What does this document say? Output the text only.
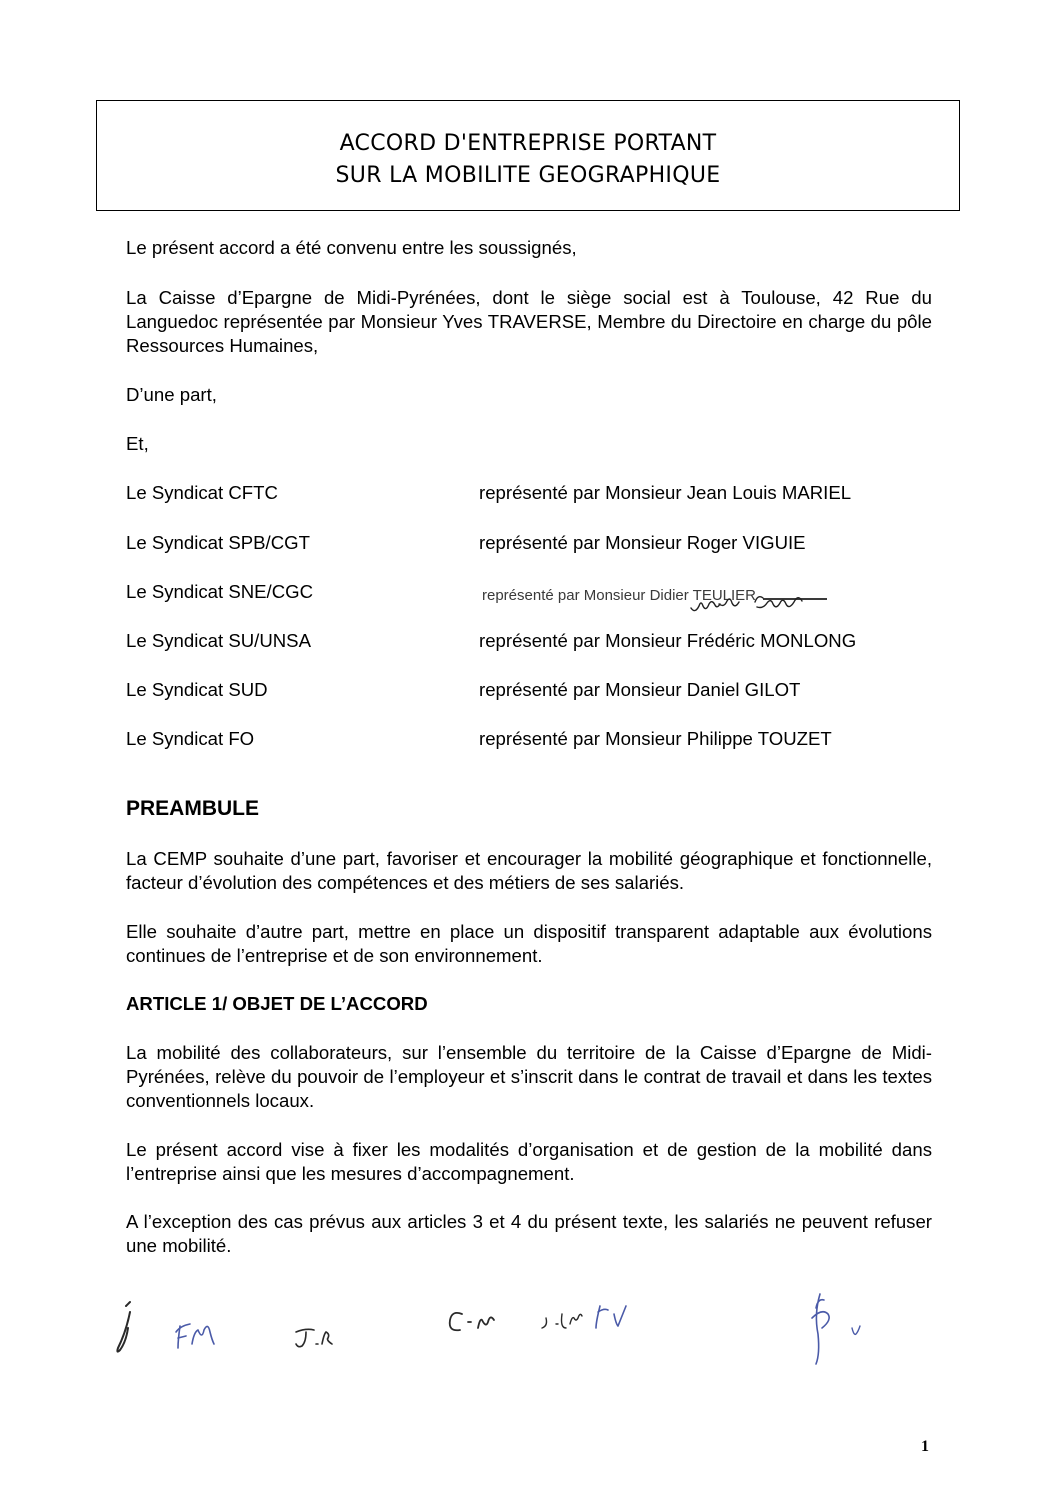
ACCORD D'ENTREPRISE PORTANT
SUR LA MOBILITE GEOGRAPHIQUE

Le présent accord a été convenu entre les soussignés,

La Caisse d’Epargne de Midi-Pyrénées, dont le siège social est à Toulouse, 42 Rue du Languedoc représentée par Monsieur Yves TRAVERSE, Membre du Directoire en charge du pôle Ressources Humaines,

D’une part,

Et,

Le Syndicat CFTC	représenté par Monsieur Jean Louis MARIEL
Le Syndicat SPB/CGT	représenté par Monsieur Roger VIGUIE
Le Syndicat SNE/CGC	représenté par Monsieur Didier TEULIER
Le Syndicat SU/UNSA	représenté par Monsieur Frédéric MONLONG
Le Syndicat SUD	représenté par Monsieur Daniel GILOT
Le Syndicat FO	représenté par Monsieur Philippe TOUZET
PREAMBULE

La CEMP souhaite d’une part, favoriser et encourager la mobilité géographique et fonctionnelle, facteur d’évolution des compétences et des métiers de ses salariés.

Elle souhaite d’autre part, mettre en place un dispositif transparent adaptable aux évolutions continues de l’entreprise et de son environnement.

ARTICLE 1/ OBJET DE L’ACCORD

La mobilité des collaborateurs, sur l’ensemble du territoire de la Caisse d’Epargne de Midi-Pyrénées, relève du pouvoir de l’employeur et s’inscrit dans le contrat de travail et dans les textes conventionnels locaux.

Le présent accord vise à fixer les modalités d’organisation et de gestion de la mobilité dans l’entreprise ainsi que les mesures d’accompagnement.

A l’exception des cas prévus aux articles 3 et 4 du présent texte, les salariés ne peuvent refuser une mobilité.

1
